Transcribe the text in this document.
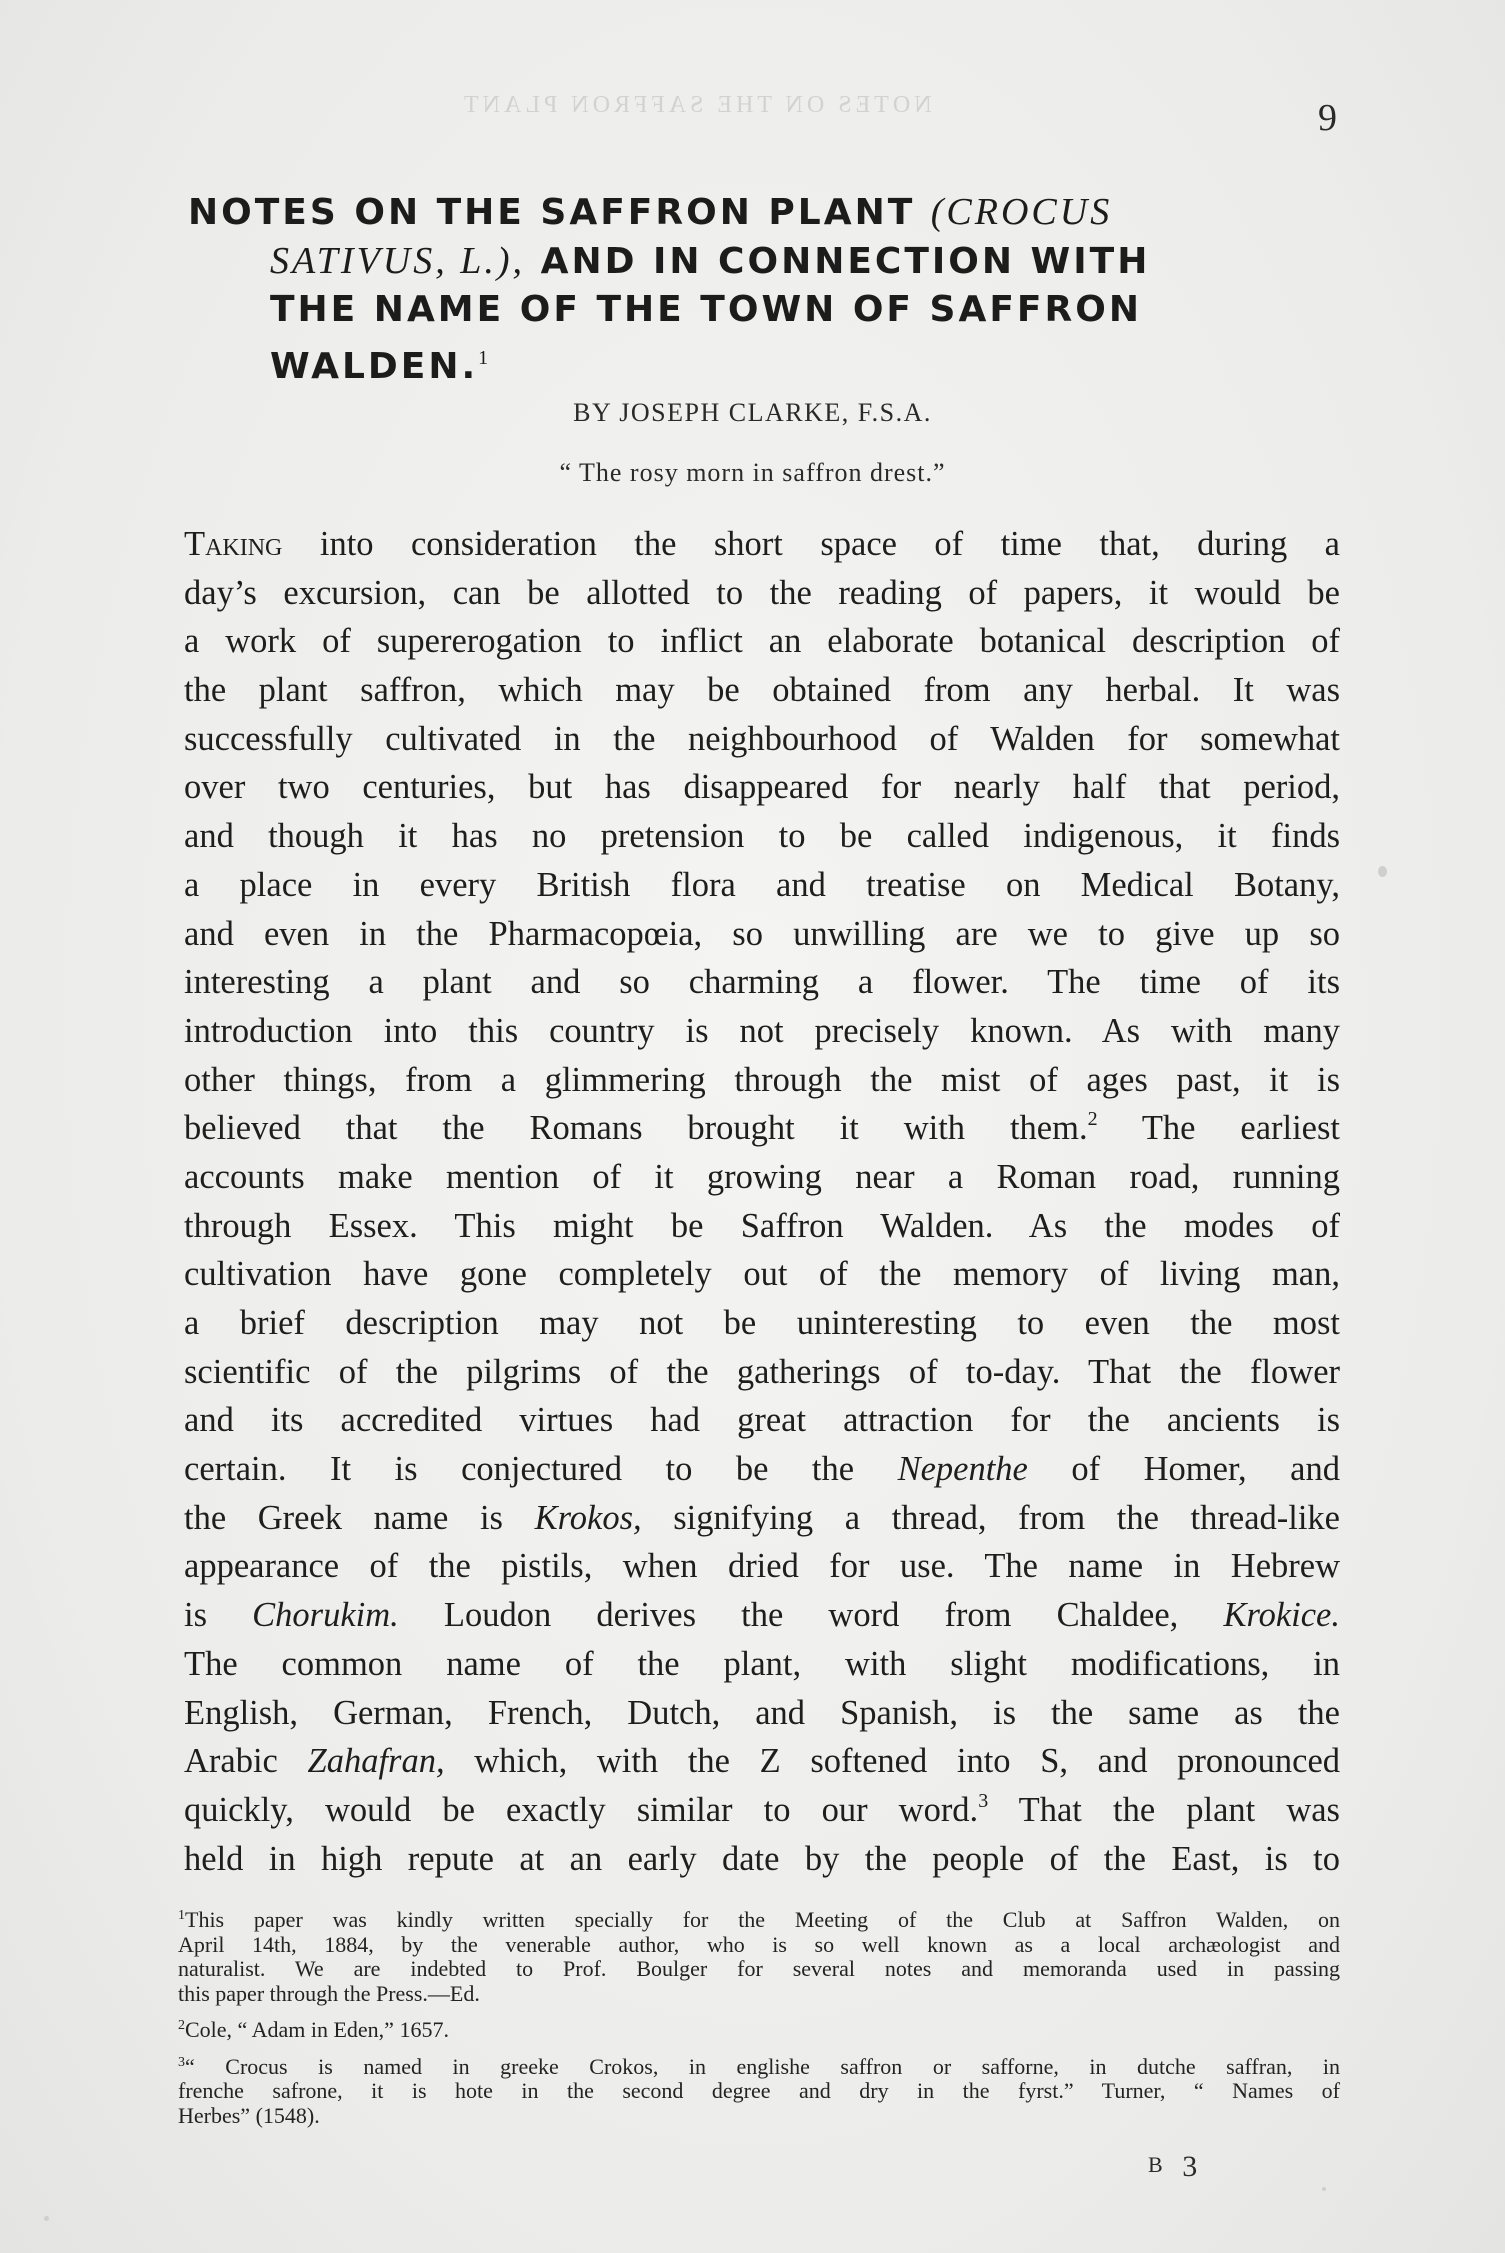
NOTES ON THE SAFFRON PLANT	9
NOTES ON THE SAFFRON PLANT (CROCUS
SATIVUS, L.), AND IN CONNECTION WITH
THE NAME OF THE TOWN OF SAFFRON
WALDEN.$^1$
BY JOSEPH CLARKE, F.S.A.
“ The rosy morn in saffron drest.”
Taking into consideration the short space of time that, during a
day’s excursion, can be allotted to the reading of papers, it would be
a work of supererogation to inflict an elaborate botanical description of
the plant saffron, which may be obtained from any herbal. It was
successfully cultivated in the neighbourhood of Walden for somewhat
over two centuries, but has disappeared for nearly half that period,
and though it has no pretension to be called indigenous, it finds
a place in every British flora and treatise on Medical Botany,
and even in the Pharmacopœia, so unwilling are we to give up so
interesting a plant and so charming a flower. The time of its
introduction into this country is not precisely known. As with many
other things, from a glimmering through the mist of ages past, it is
believed that the Romans brought it with them.$^2$ The earliest
accounts make mention of it growing near a Roman road, running
through Essex. This might be Saffron Walden. As the modes of
cultivation have gone completely out of the memory of living man,
a brief description may not be uninteresting to even the most
scientific of the pilgrims of the gatherings of to-day. That the flower
and its accredited virtues had great attraction for the ancients is
certain. It is conjectured to be the Nepenthe of Homer, and
the Greek name is Krokos, signifying a thread, from the thread-like
appearance of the pistils, when dried for use. The name in Hebrew
is Chorukim. Loudon derives the word from Chaldee, Krokice.
The common name of the plant, with slight modifications, in
English, German, French, Dutch, and Spanish, is the same as the
Arabic Zahafran, which, with the Z softened into S, and pronounced
quickly, would be exactly similar to our word.$^3$ That the plant was
held in high repute at an early date by the people of the East, is to
$^1$This paper was kindly written specially for the Meeting of the Club at Saffron Walden, on
April 14th, 1884, by the venerable author, who is so well known as a local archæologist and
naturalist. We are indebted to Prof. Boulger for several notes and memoranda used in passing
this paper through the Press.—Ed.
$^2$Cole, “ Adam in Eden,” 1657.
$^3$“ Crocus is named in greeke Crokos, in englishe saffron or safforne, in dutche saffran, in
frenche safrone, it is hote in the second degree and dry in the fyrst.” Turner, “ Names of
Herbes” (1548).
B 3
